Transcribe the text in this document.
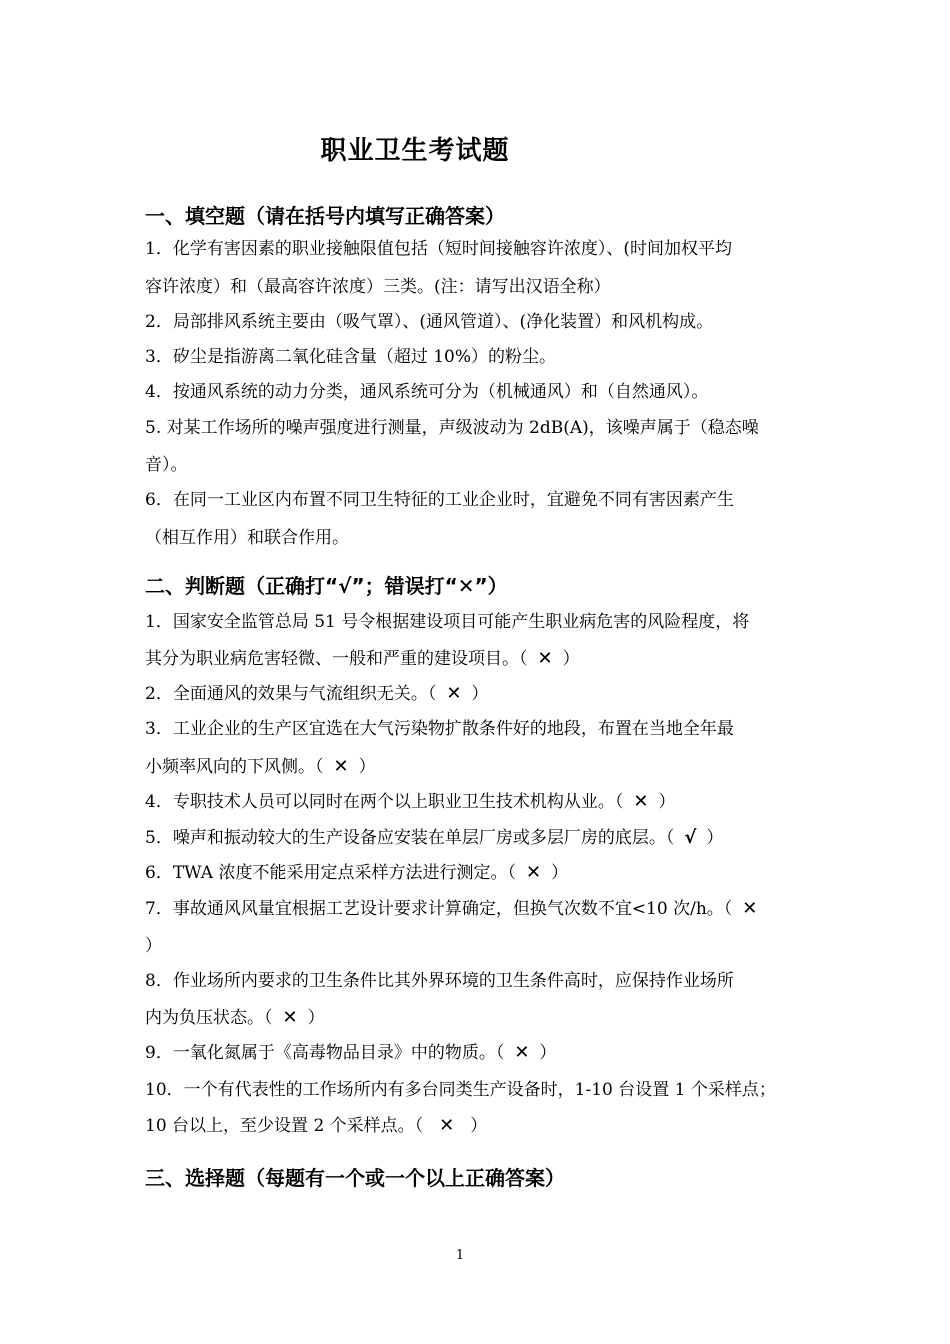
职业卫生考试题
一、填空题（请在括号内填写正确答案）
1．化学有害因素的职业接触限值包括（短时间接触容许浓度）、(时间加权平均
容许浓度）和（最高容许浓度）三类。(注：请写出汉语全称）
2．局部排风系统主要由（吸气罩）、(通风管道）、(净化装置）和风机构成。
3．矽尘是指游离二氧化硅含量（超过 10%）的粉尘。
4．按通风系统的动力分类，通风系统可分为（机械通风）和（自然通风）。
5. 对某工作场所的噪声强度进行测量，声级波动为 2dB(A)，该噪声属于（稳态噪
音）。
6．在同一工业区内布置不同卫生特征的工业企业时，宜避免不同有害因素产生
（相互作用）和联合作用。
二、判断题（正确打“√”；错误打“✕”）
1．国家安全监管总局 51 号令根据建设项目可能产生职业病危害的风险程度，将
其分为职业病危害轻微、一般和严重的建设项目。（ ✕ ）
2．全面通风的效果与气流组织无关。（ ✕ ）
3．工业企业的生产区宜选在大气污染物扩散条件好的地段，布置在当地全年最
小频率风向的下风侧。（ ✕ ）
4．专职技术人员可以同时在两个以上职业卫生技术机构从业。（ ✕ ）
5．噪声和振动较大的生产设备应安装在单层厂房或多层厂房的底层。（ √ ）
6．TWA 浓度不能采用定点采样方法进行测定。（ ✕ ）
7．事故通风风量宜根据工艺设计要求计算确定，但换气次数不宜<10 次/h。（ ✕
）
8．作业场所内要求的卫生条件比其外界环境的卫生条件高时，应保持作业场所
内为负压状态。（ ✕ ）
9．一氧化氮属于《高毒物品目录》中的物质。（ ✕ ）
10．一个有代表性的工作场所内有多台同类生产设备时，1-10 台设置 1 个采样点；
10 台以上，至少设置 2 个采样点。（ ✕ ）
三、选择题（每题有一个或一个以上正确答案）
1
